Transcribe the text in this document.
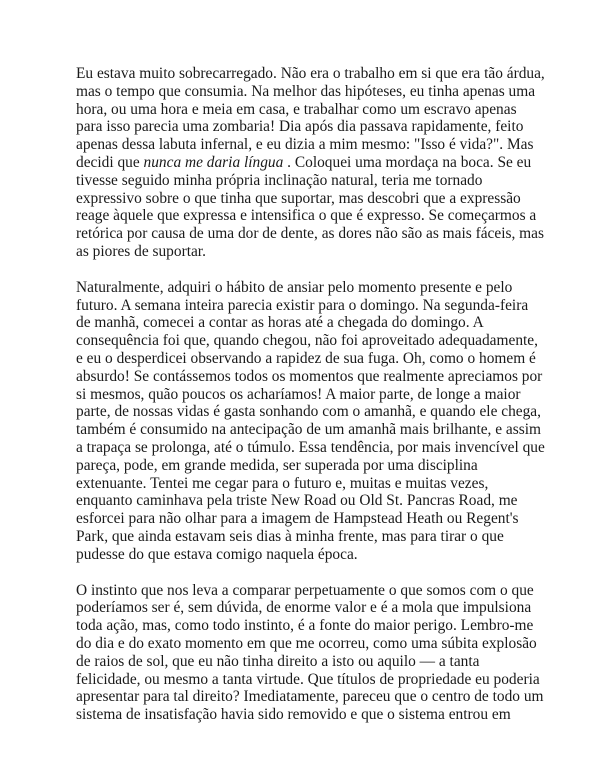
Eu estava muito sobrecarregado. Não era o trabalho em si que era tão árdua,
mas o tempo que consumia. Na melhor das hipóteses, eu tinha apenas uma
hora, ou uma hora e meia em casa, e trabalhar como um escravo apenas
para isso parecia uma zombaria! Dia após dia passava rapidamente, feito
apenas dessa labuta infernal, e eu dizia a mim mesmo: "Isso é vida?". Mas
decidi que nunca me daria língua . Coloquei uma mordaça na boca. Se eu
tivesse seguido minha própria inclinação natural, teria me tornado
expressivo sobre o que tinha que suportar, mas descobri que a expressão
reage àquele que expressa e intensifica o que é expresso. Se começarmos a
retórica por causa de uma dor de dente, as dores não são as mais fáceis, mas
as piores de suportar.
Naturalmente, adquiri o hábito de ansiar pelo momento presente e pelo
futuro. A semana inteira parecia existir para o domingo. Na segunda-feira
de manhã, comecei a contar as horas até a chegada do domingo. A
consequência foi que, quando chegou, não foi aproveitado adequadamente,
e eu o desperdicei observando a rapidez de sua fuga. Oh, como o homem é
absurdo! Se contássemos todos os momentos que realmente apreciamos por
si mesmos, quão poucos os acharíamos! A maior parte, de longe a maior
parte, de nossas vidas é gasta sonhando com o amanhã, e quando ele chega,
também é consumido na antecipação de um amanhã mais brilhante, e assim
a trapaça se prolonga, até o túmulo. Essa tendência, por mais invencível que
pareça, pode, em grande medida, ser superada por uma disciplina
extenuante. Tentei me cegar para o futuro e, muitas e muitas vezes,
enquanto caminhava pela triste New Road ou Old St. Pancras Road, me
esforcei para não olhar para a imagem de Hampstead Heath ou Regent's
Park, que ainda estavam seis dias à minha frente, mas para tirar o que
pudesse do que estava comigo naquela época.
O instinto que nos leva a comparar perpetuamente o que somos com o que
poderíamos ser é, sem dúvida, de enorme valor e é a mola que impulsiona
toda ação, mas, como todo instinto, é a fonte do maior perigo. Lembro-me
do dia e do exato momento em que me ocorreu, como uma súbita explosão
de raios de sol, que eu não tinha direito a isto ou aquilo — a tanta
felicidade, ou mesmo a tanta virtude. Que títulos de propriedade eu poderia
apresentar para tal direito? Imediatamente, pareceu que o centro de todo um
sistema de insatisfação havia sido removido e que o sistema entrou em
